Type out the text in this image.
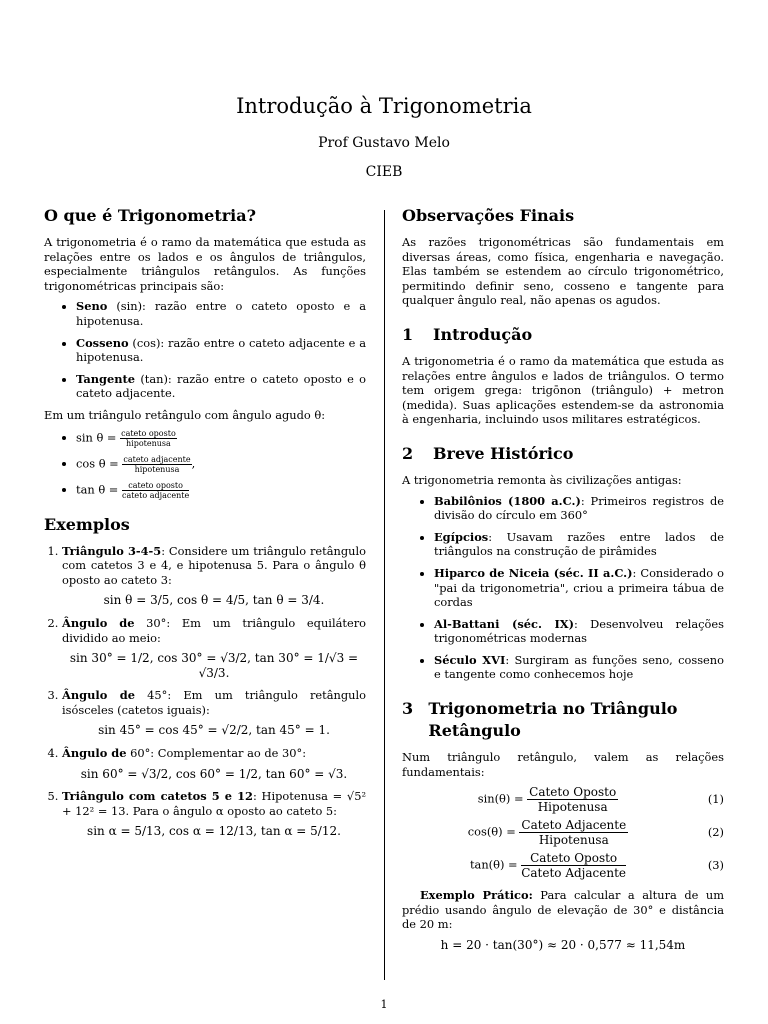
Introdução à Trigonometria
Prof Gustavo Melo
CIEB
O que é Trigonometria?

A trigonometria é o ramo da matemática que estuda as relações entre os lados e os ângulos de triângulos, especialmente triângulos retângulos. As funções trigonométricas principais são:

• Seno (sin): razão entre o cateto oposto e a hipotenusa.
• Cosseno (cos): razão entre o cateto adjacente e a hipotenusa.
• Tangente (tan): razão entre o cateto oposto e o cateto adjacente.

Em um triângulo retângulo com ângulo agudo θ:

• $\sin \theta = \frac{\text{cateto oposto}}{\text{hipotenusa}}$
• $\cos \theta = \frac{\text{cateto adjacente}}{\text{hipotenusa}}$ ,
• $\tan \theta = \frac{\text{cateto oposto}}{\text{cateto adjacente}}$
Exemplos
1. Triângulo 3-4-5: Considere um triângulo retângulo com catetos 3 e 4, e hipotenusa 5. Para o ângulo θ oposto ao cateto 3:
sin θ = 3/5, cos θ = 4/5, tan θ = 3/4.
2. Ângulo de 30°: Em um triângulo equilátero dividido ao meio:
sin 30° = 1/2, cos 30° = √3/2, tan 30° = 1/√3 = √3/3.
3. Ângulo de 45°: Em um triângulo retângulo isósceles (catetos iguais):
sin 45° = cos 45° = √2/2, tan 45° = 1.
4. Ângulo de 60°: Complementar ao de 30°:
sin 60° = √3/2, cos 60° = 1/2, tan 60° = √3.
5. Triângulo com catetos 5 e 12: Hipotenusa = √5² + 12² = 13. Para o ângulo α oposto ao cateto 5:
sin α = 5/13, cos α = 12/13, tan α = 5/12.
Observações Finais

As razões trigonométricas são fundamentais em diversas áreas, como física, engenharia e navegação. Elas também se estendem ao círculo trigonométrico, permitindo definir seno, cosseno e tangente para qualquer ângulo real, não apenas os agudos.

1 Introdução

A trigonometria é o ramo da matemática que estuda as relações entre ângulos e lados de triângulos. O termo tem origem grega: trigōnon (triângulo) + metron (medida). Suas aplicações estendem-se da astronomia à engenharia, incluindo usos militares estratégicos.

2 Breve Histórico

A trigonometria remonta às civilizações antigas:

• Babilônios (1800 a.C.): Primeiros registros de divisão do círculo em 360°
• Egípcios: Usavam razões entre lados de triângulos na construção de pirâmides
• Hiparco de Niceia (séc. II a.C.): Considerado o "pai da trigonometria", criou a primeira tábua de cordas
• Al-Battani (séc. IX): Desenvolveu relações trigonométricas modernas
• Século XVI: Surgiram as funções seno, cosseno e tangente como conhecemos hoje
3 Trigonometria no Triângulo Retângulo

Num triângulo retângulo, valem as relações fundamentais:

sin(θ) = Cateto Oposto
Hipotenusa
(1)
cos(θ) = Cateto Adjacente
Hipotenusa
(2)
tan(θ) = Cateto Oposto
Cateto Adjacente
(3)

Exemplo Prático: Para calcular a altura de um prédio usando ângulo de elevação de 30° e distância de 20 m:

h = 20 · tan(30°) ≈ 20 · 0,577 ≈ 11,54m
1
